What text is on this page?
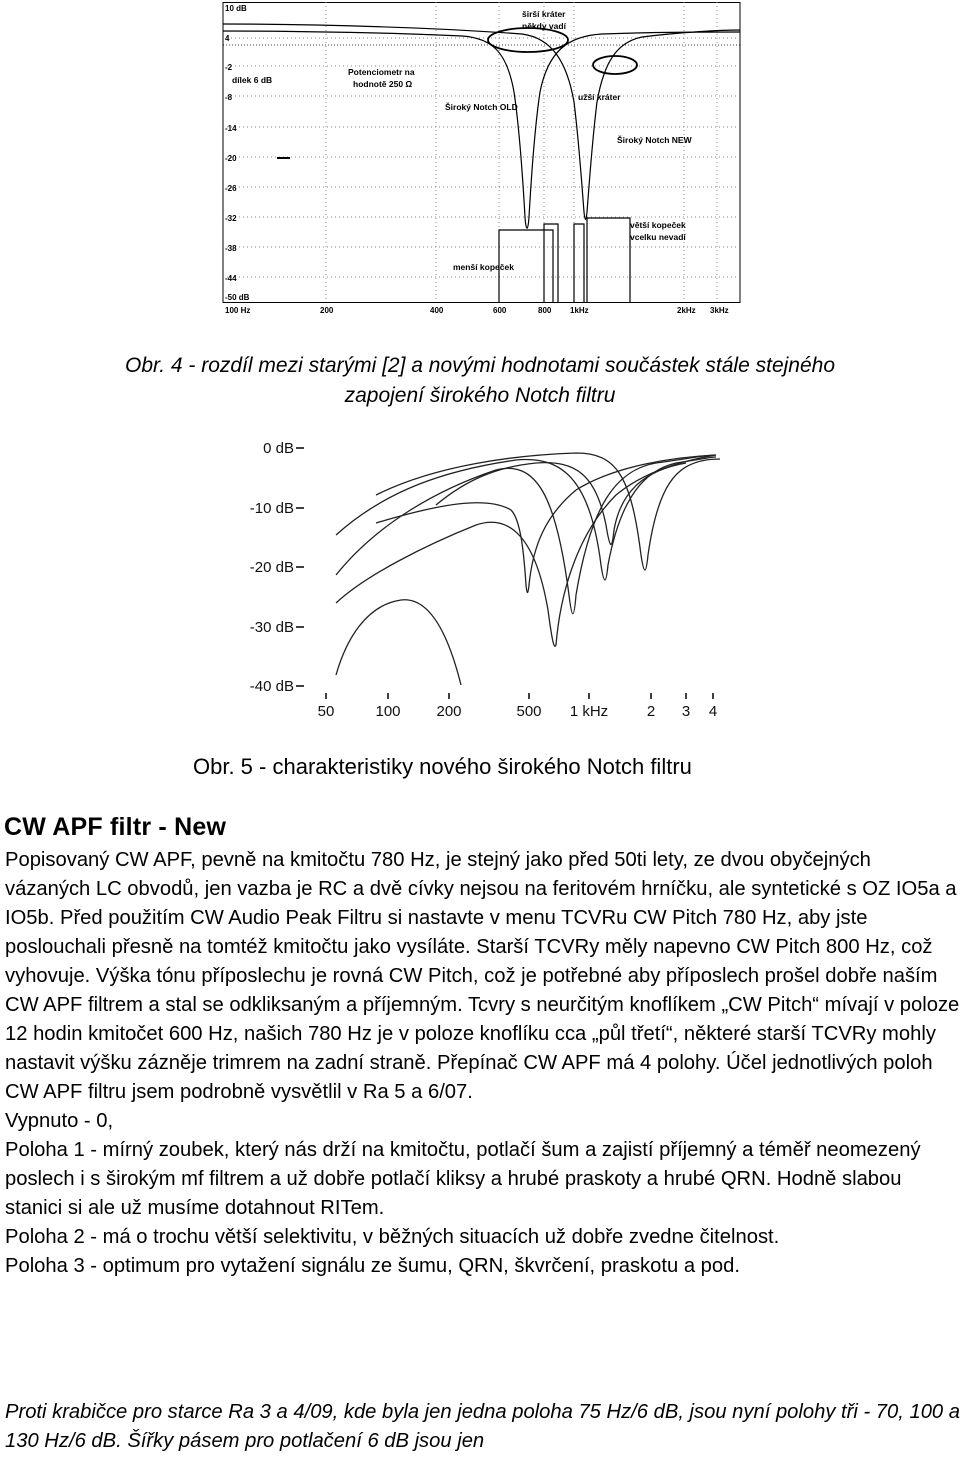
10 dB
4
-2
-8
-14
-20
-26
-32
-38
-44
-50 dB
100 Hz	200	400	600	800 1kHz	2kHz 3kHz
dílek 6 dB
Potenciometr na
hodnotě 250 Ω
širší kráter
někdy vadí
Široký Notch OLD
užší kráter
Široký Notch NEW
větší kopeček
vcelku nevadí
menší kopeček
Obr. 4 - rozdíl mezi starými [2] a novými hodnotami součástek stále stejného
zapojení širokého Notch filtru
0 dB
-10 dB
-20 dB
-30 dB
-40 dB
50	100 200	500 1 kHz	2 3 4
Obr. 5 - charakteristiky nového širokého Notch filtru
CW APF filtr - New

Popisovaný CW APF, pevně na kmitočtu 780 Hz, je stejný jako před 50ti lety, ze dvou obyčejných vázaných LC obvodů, jen vazba je RC a dvě cívky nejsou na feritovém hrníčku, ale syntetické s OZ IO5a a IO5b. Před použitím CW Audio Peak Filtru si nastavte v menu TCVRu CW Pitch 780 Hz, aby jste poslouchali přesně na tomtéž kmitočtu jako vysíláte. Starší TCVRy měly napevno CW Pitch 800 Hz, což vyhovuje. Výška tónu příposlechu je rovná CW Pitch, což je potřebné aby příposlech prošel dobře naším CW APF filtrem a stal se odkliksaným a příjemným. Tcvry s neurčitým knoflíkem „CW Pitch“ mívají v poloze 12 hodin kmitočet 600 Hz, našich 780 Hz je v poloze knoflíku cca „půl třetí“, některé starší TCVRy mohly nastavit výšku zázněje trimrem na zadní straně. Přepínač CW APF má 4 polohy. Účel jednotlivých poloh CW APF filtru jsem podrobně vysvětlil v Ra 5 a 6/07.

Vypnuto - 0,

Poloha 1 - mírný zoubek, který nás drží na kmitočtu, potlačí šum a zajistí příjemný a téměř neomezený poslech i s širokým mf filtrem a už dobře potlačí kliksy a hrubé praskoty a hrubé QRN. Hodně slabou stanici si ale už musíme dotahnout RITem.

Poloha 2 - má o trochu větší selektivitu, v běžných situacích už dobře zvedne čitelnost.

Poloha 3 - optimum pro vytažení signálu ze šumu, QRN, škvrčení, praskotu a pod.

Proti krabičce pro starce Ra 3 a 4/09, kde byla jen jedna poloha 75 Hz/6 dB, jsou nyní polohy tři - 70, 100 a 130 Hz/6 dB. Šířky pásem pro potlačení 6 dB jsou jen
